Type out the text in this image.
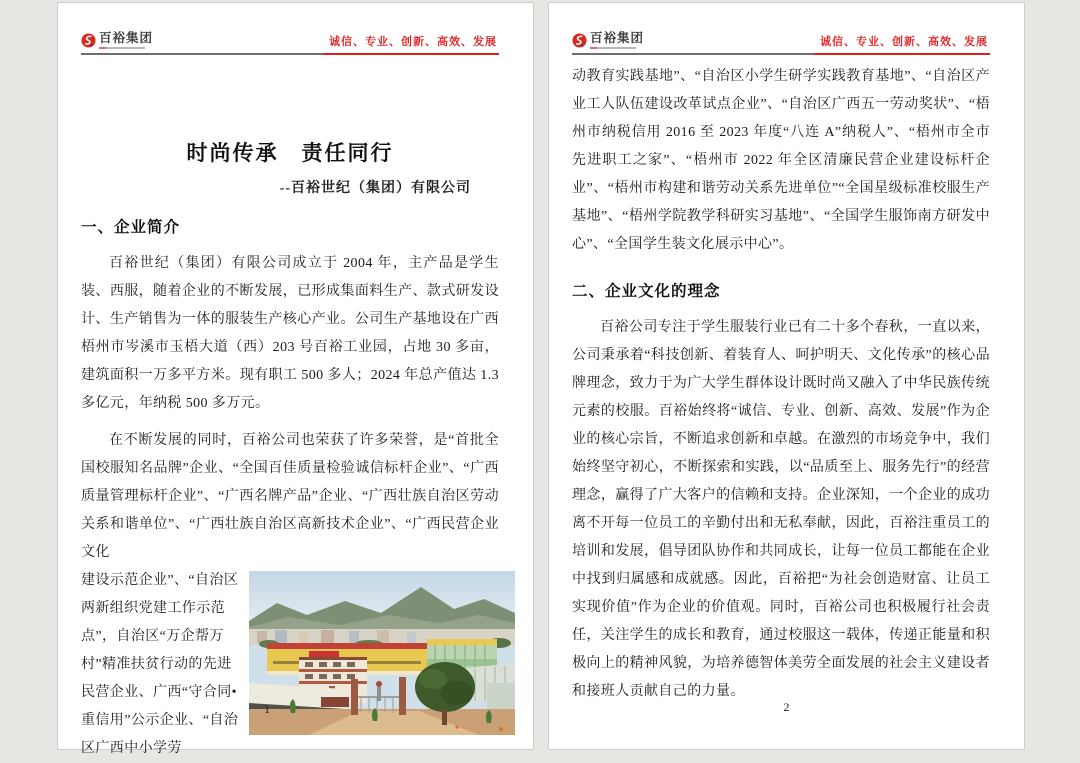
百裕集团	诚信、专业、创新、高效、发展
时尚传承　责任同行
--百裕世纪（集团）有限公司
一、企业简介

百裕世纪（集团）有限公司成立于 2004 年，主产品是学生装、西服，随着企业的不断发展，已形成集面料生产、款式研发设计、生产销售为一体的服装生产核心产业。公司生产基地设在广西梧州市岑溪市玉梧大道（西）203 号百裕工业园，占地 30 多亩，建筑面积一万多平方米。现有职工 500 多人；2024 年总产值达 1.3 多亿元，年纳税 500 多万元。

在不断发展的同时，百裕公司也荣获了许多荣誉，是“首批全国校服知名品牌”企业、“全国百佳质量检验诚信标杆企业”、“广西质量管理标杆企业”、“广西名牌产品”企业、“广西壮族自治区劳动关系和谐单位”、“广西壮族自治区高新技术企业”、“广西民营企业文化

建设示范企业”、“自治区两新组织党建工作示范点”，自治区“万企帮万村”精准扶贫行动的先进民营企业、广西“守合同•重信用”公示企业、“自治区广西中小学劳
1
百裕集团	诚信、专业、创新、高效、发展

动教育实践基地”、“自治区小学生研学实践教育基地”、“自治区产业工人队伍建设改革试点企业”、“自治区广西五一劳动奖状”、“梧州市纳税信用 2016 至 2023 年度“八连 A”纳税人”、“梧州市全市先进职工之家”、“梧州市 2022 年全区清廉民营企业建设标杆企业”、“梧州市构建和谐劳动关系先进单位”“全国星级标准校服生产基地”、“梧州学院教学科研实习基地”、“全国学生服饰南方研发中心”、“全国学生装文化展示中心”。

二、企业文化的理念

百裕公司专注于学生服装行业已有二十多个春秋，一直以来，公司秉承着“科技创新、着装育人、呵护明天、文化传承”的核心品牌理念，致力于为广大学生群体设计既时尚又融入了中华民族传统元素的校服。百裕始终将“诚信、专业、创新、高效、发展”作为企业的核心宗旨，不断追求创新和卓越。在激烈的市场竞争中，我们始终坚守初心，不断探索和实践，以“品质至上、服务先行”的经营理念，赢得了广大客户的信赖和支持。企业深知，一个企业的成功离不开每一位员工的辛勤付出和无私奉献，因此，百裕注重员工的培训和发展，倡导团队协作和共同成长，让每一位员工都能在企业中找到归属感和成就感。因此，百裕把“为社会创造财富、让员工实现价值”作为企业的价值观。同时，百裕公司也积极履行社会责任，关注学生的成长和教育，通过校服这一载体，传递正能量和积极向上的精神风貌，为培养德智体美劳全面发展的社会主义建设者和接班人贡献自己的力量。

2
